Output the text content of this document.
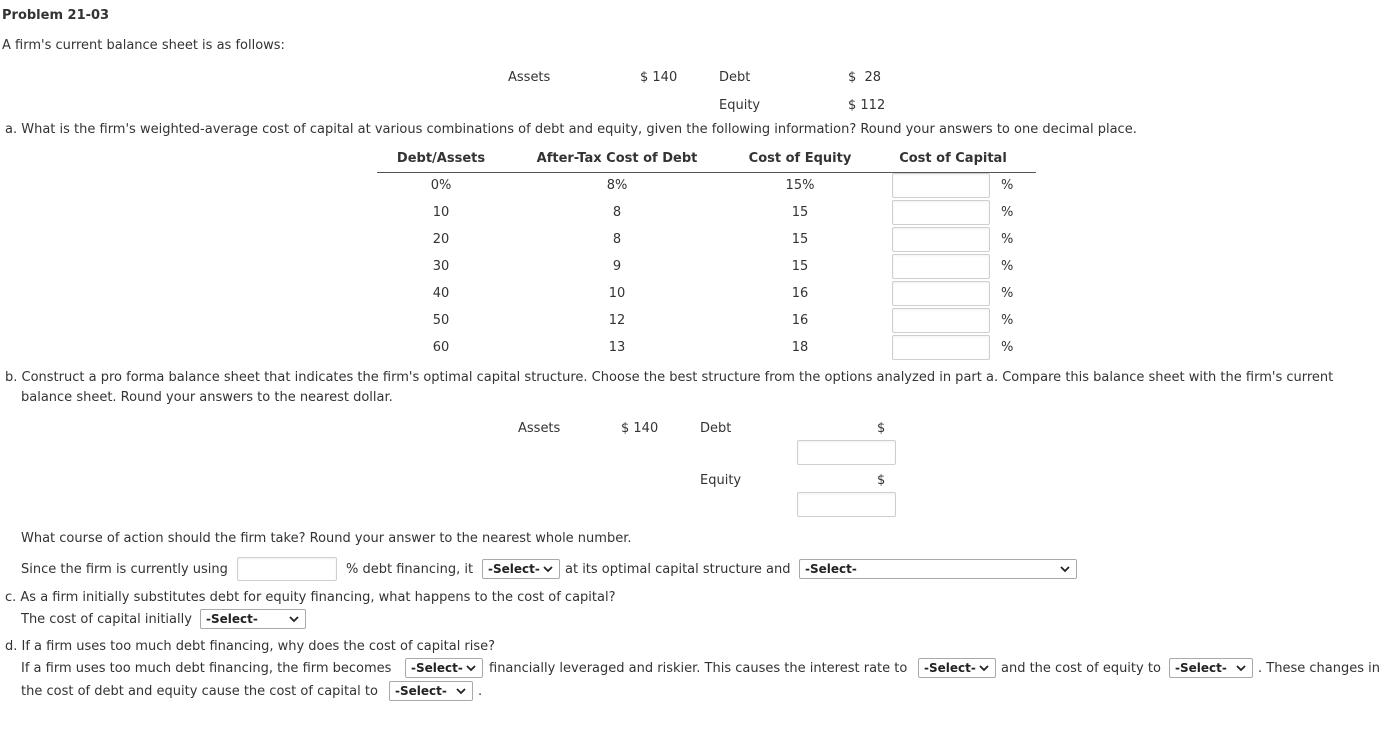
Problem 21-03
A firm's current balance sheet is as follows:
Assets	$ 140	Debt	$  28
Equity	$ 112
a. What is the firm's weighted-average cost of capital at various combinations of debt and equity, given the following information? Round your answers to one decimal place.
Debt/Assets	After-Tax Cost of Debt	Cost of Equity	Cost of Capital
0%	8%	15%	%
10	8	15	%
20	8	15	%
30	9	15	%
40	10	16	%
50	12	16	%
60	13	18	%
b. Construct a pro forma balance sheet that indicates the firm's optimal capital structure. Choose the best structure from the options analyzed in part a. Compare this balance sheet with the firm's current
balance sheet. Round your answers to the nearest dollar.
Assets	$ 140	Debt	$
Equity	$
What course of action should the firm take? Round your answer to the nearest whole number.
Since the firm is currently using	% debt financing, it	-Select-	at its optimal capital structure and	-Select-
c. As a firm initially substitutes debt for equity financing, what happens to the cost of capital?
The cost of capital initially	-Select-
d. If a firm uses too much debt financing, why does the cost of capital rise?
If a firm uses too much debt financing, the firm becomes	-Select-	financially leveraged and riskier. This causes the interest rate to	-Select-	and the cost of equity to	-Select-	. These changes in
the cost of debt and equity cause the cost of capital to	-Select-	.
